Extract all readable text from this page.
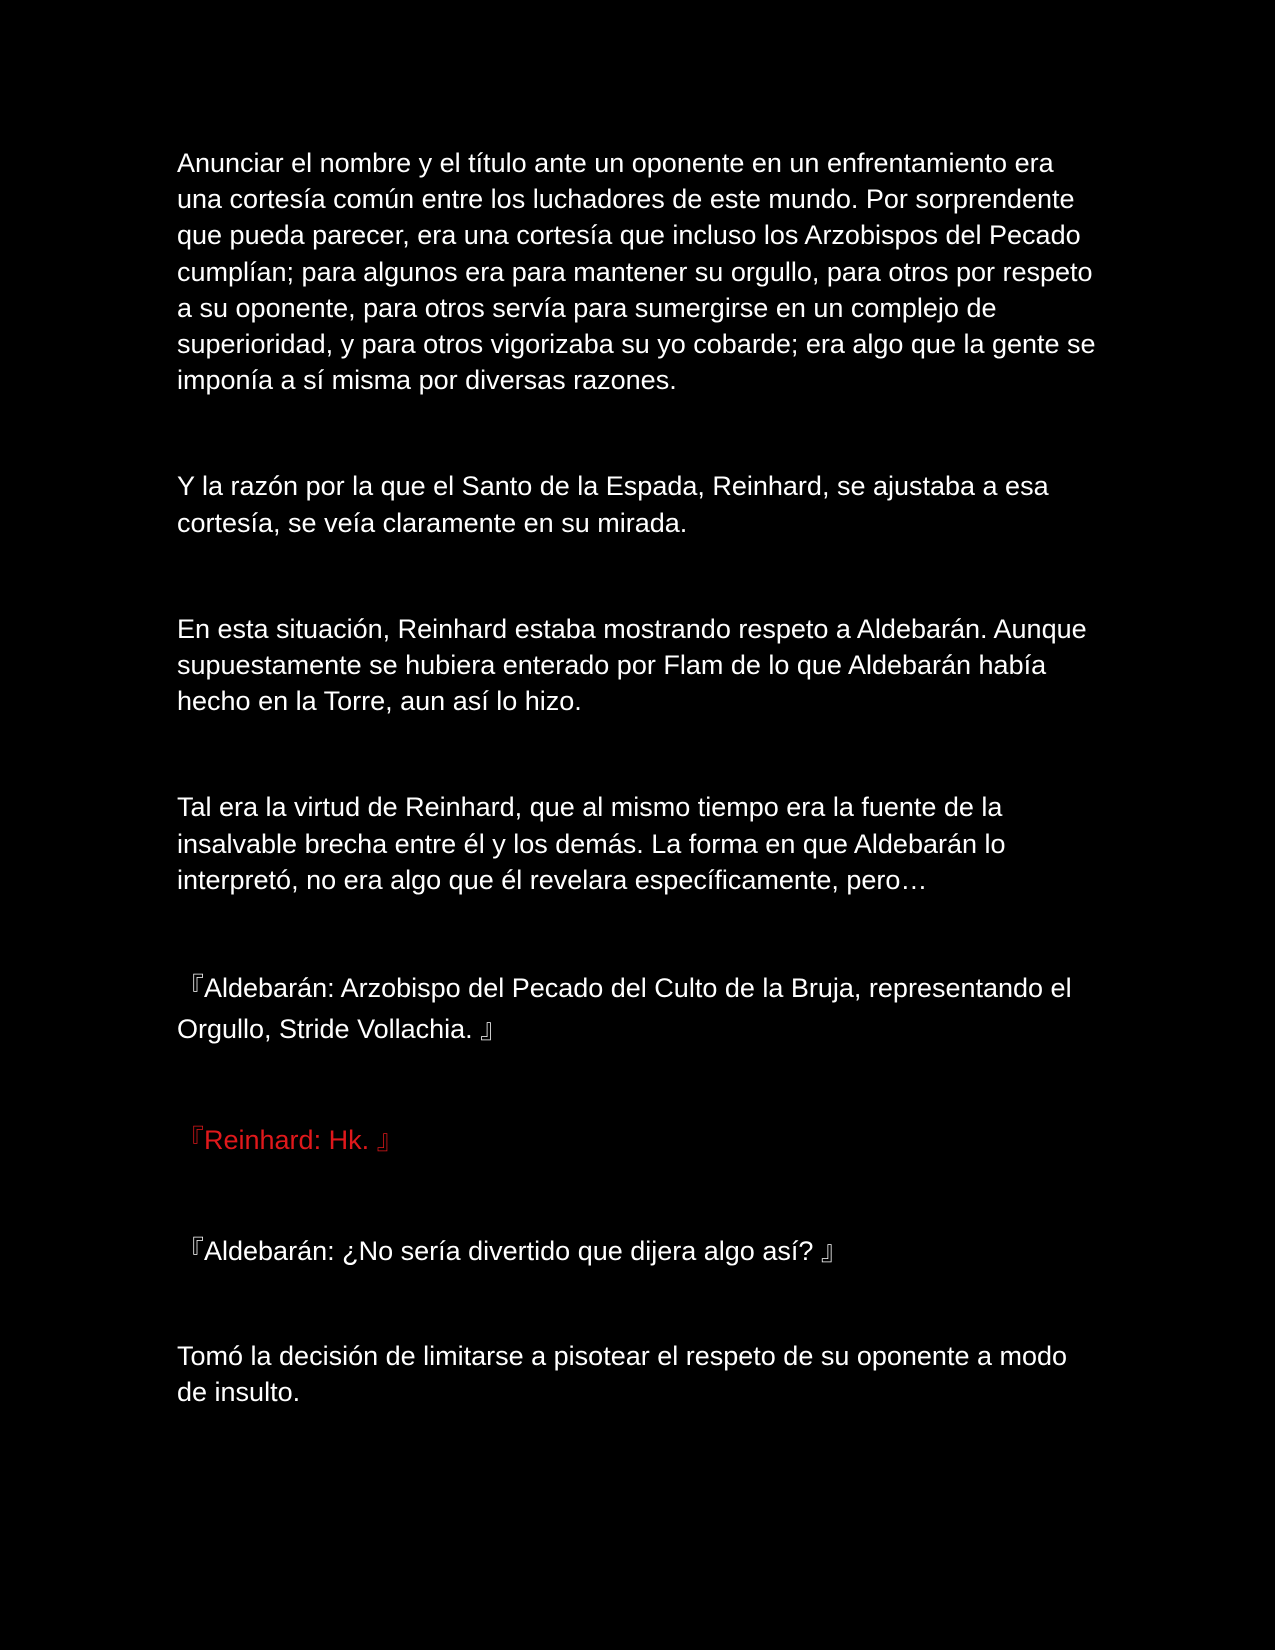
Anunciar el nombre y el título ante un oponente en un enfrentamiento era una cortesía común entre los luchadores de este mundo. Por sorprendente que pueda parecer, era una cortesía que incluso los Arzobispos del Pecado cumplían; para algunos era para mantener su orgullo, para otros por respeto a su oponente, para otros servía para sumergirse en un complejo de superioridad, y para otros vigorizaba su yo cobarde; era algo que la gente se imponía a sí misma por diversas razones.

Y la razón por la que el Santo de la Espada, Reinhard, se ajustaba a esa cortesía, se veía claramente en su mirada.

En esta situación, Reinhard estaba mostrando respeto a Aldebarán. Aunque supuestamente se hubiera enterado por Flam de lo que Aldebarán había hecho en la Torre, aun así lo hizo.

Tal era la virtud de Reinhard, que al mismo tiempo era la fuente de la insalvable brecha entre él y los demás. La forma en que Aldebarán lo interpretó, no era algo que él revelara específicamente, pero…

『Aldebarán: Arzobispo del Pecado del Culto de la Bruja, representando el Orgullo, Stride Vollachia. 』

『Reinhard: Hk. 』

『Aldebarán: ¿No sería divertido que dijera algo así? 』

Tomó la decisión de limitarse a pisotear el respeto de su oponente a modo de insulto.
